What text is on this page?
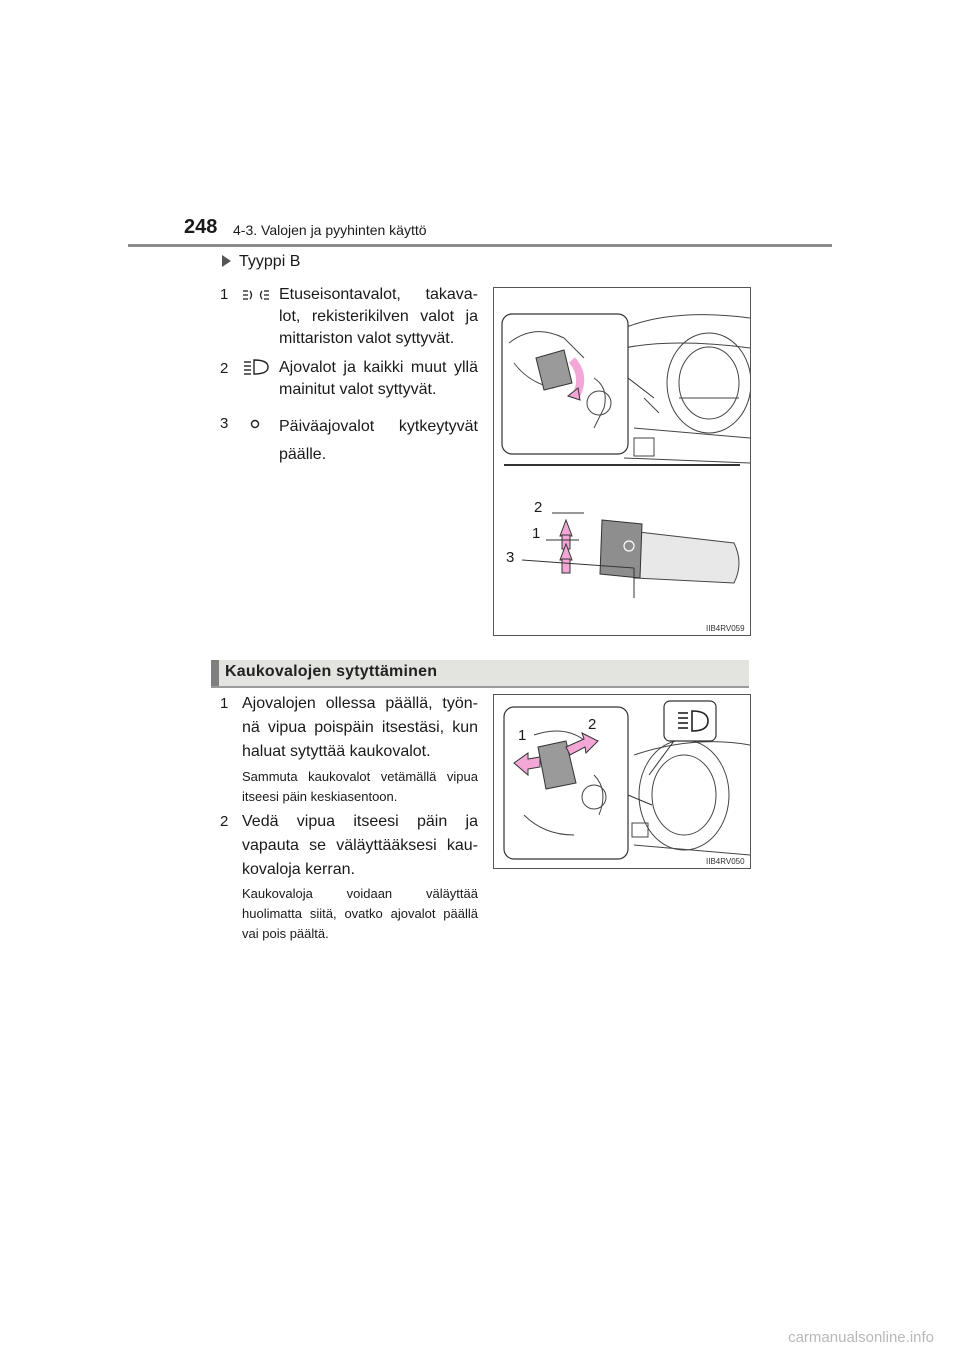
248 4-3. Valojen ja pyyhinten käyttö
Tyyppi B
1	Etuseisontavalot, takava-lot, rekisterikilven valot ja mittariston valot syttyvät.
2	Ajovalot ja kaikki muut yllä mainitut valot syttyvät.
3	Päiväajovalot kytkeytyvät päälle.
2
1
3
IIB4RV059
Kaukovalojen sytyttäminen
1 Ajovalojen ollessa päällä, työn-nä vipua poispäin itsestäsi, kun haluat sytyttää kaukovalot.
Sammuta kaukovalot vetämällä vipua itseesi päin keskiasentoon.
2 Vedä vipua itseesi päin ja vapauta se väläyttääksesi kau-kovaloja kerran.
Kaukovaloja voidaan väläyttää huolimatta siitä, ovatko ajovalot päällä vai pois päältä.
1
2
IIB4RV050
carmanualsonline.info
